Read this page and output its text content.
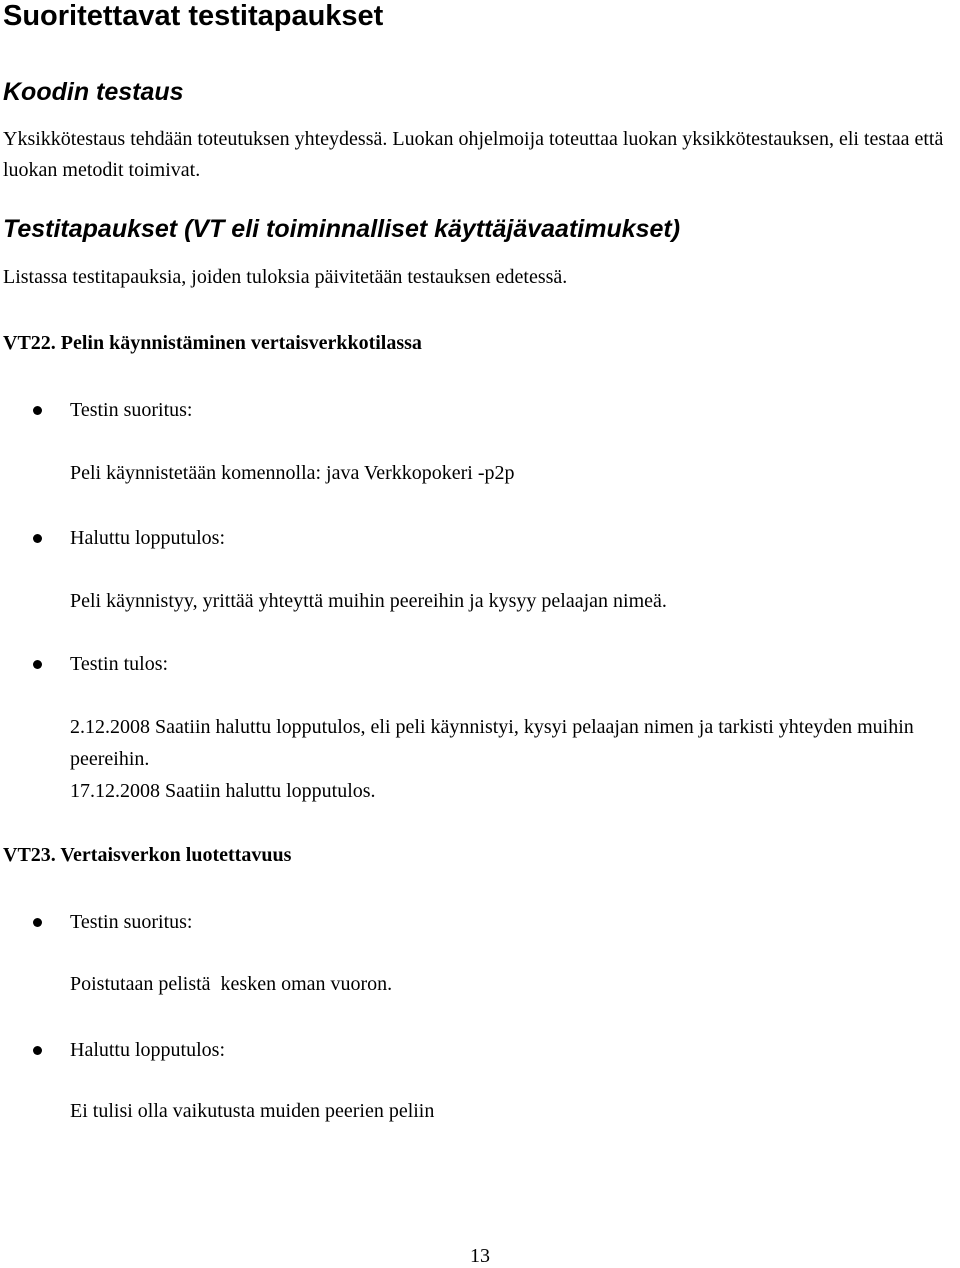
Suoritettavat testitapaukset
Koodin testaus
Yksikkötestaus tehdään toteutuksen yhteydessä. Luokan ohjelmoija toteuttaa luokan yksikkötestauksen, eli testaa että luokan metodit toimivat.
Testitapaukset (VT eli toiminnalliset käyttäjävaatimukset)
Listassa testitapauksia, joiden tuloksia päivitetään testauksen edetessä.
VT22. Pelin käynnistäminen vertaisverkkotilassa
Testin suoritus:
Peli käynnistetään komennolla: java Verkkopokeri -p2p
Haluttu lopputulos:
Peli käynnistyy, yrittää yhteyttä muihin peereihin ja kysyy pelaajan nimeä.
Testin tulos:
2.12.2008 Saatiin haluttu lopputulos, eli peli käynnistyi, kysyi pelaajan nimen ja tarkisti yhteyden muihin peereihin.
17.12.2008 Saatiin haluttu lopputulos.
VT23. Vertaisverkon luotettavuus
Testin suoritus:
Poistutaan pelistä  kesken oman vuoron.
Haluttu lopputulos:
Ei tulisi olla vaikutusta muiden peerien peliin
13
